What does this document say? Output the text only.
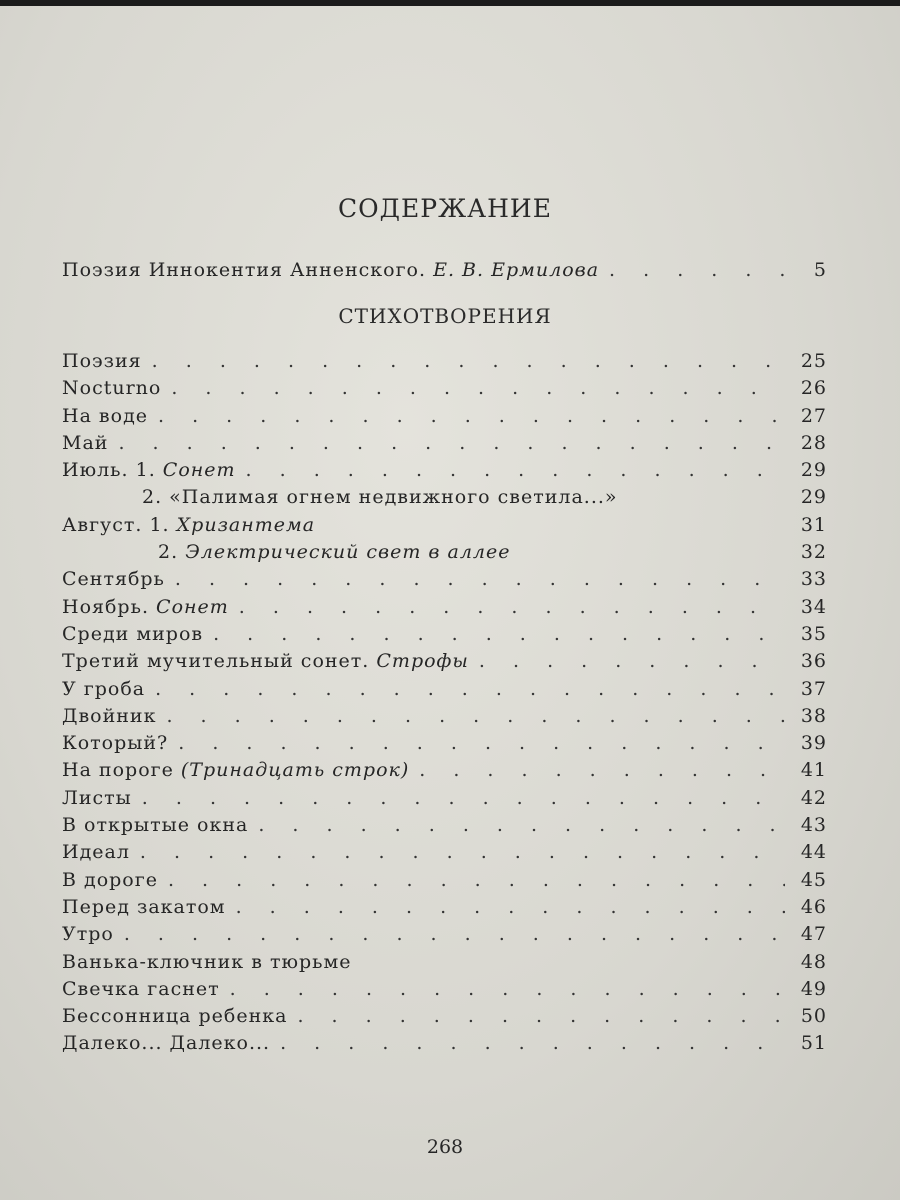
СОДЕРЖАНИЕ
Поэзия Иннокентия Анненского. Е. В. Ермилова . . .	5
СТИХОТВОРЕНИЯ
Поэзия . . .	25
Nocturno . . .	26
На воде . . .	27
Май . . .	28
Июль. 1. Сонет . . .	29
2. «Палимая огнем недвижного светила...»	29
Август. 1. Хризантема	31
2. Электрический свет в аллее	32
Сентябрь . . .	33
Ноябрь. Сонет . . .	34
Среди миров . . .	35
Третий мучительный сонет. Строфы . . .	36
У гроба . . .	37
Двойник . . .	38
Который? . . .	39
На пороге (Тринадцать строк) . . .	41
Листы . . .	42
В открытые окна . . .	43
Идеал . . .	44
В дороге . . .	45
Перед закатом . . .	46
Утро . . .	47
Ванька-ключник в тюрьме	48
Свечка гаснет . . .	49
Бессонница ребенка . . .	50
Далеко... Далеко... . . .	51
268
